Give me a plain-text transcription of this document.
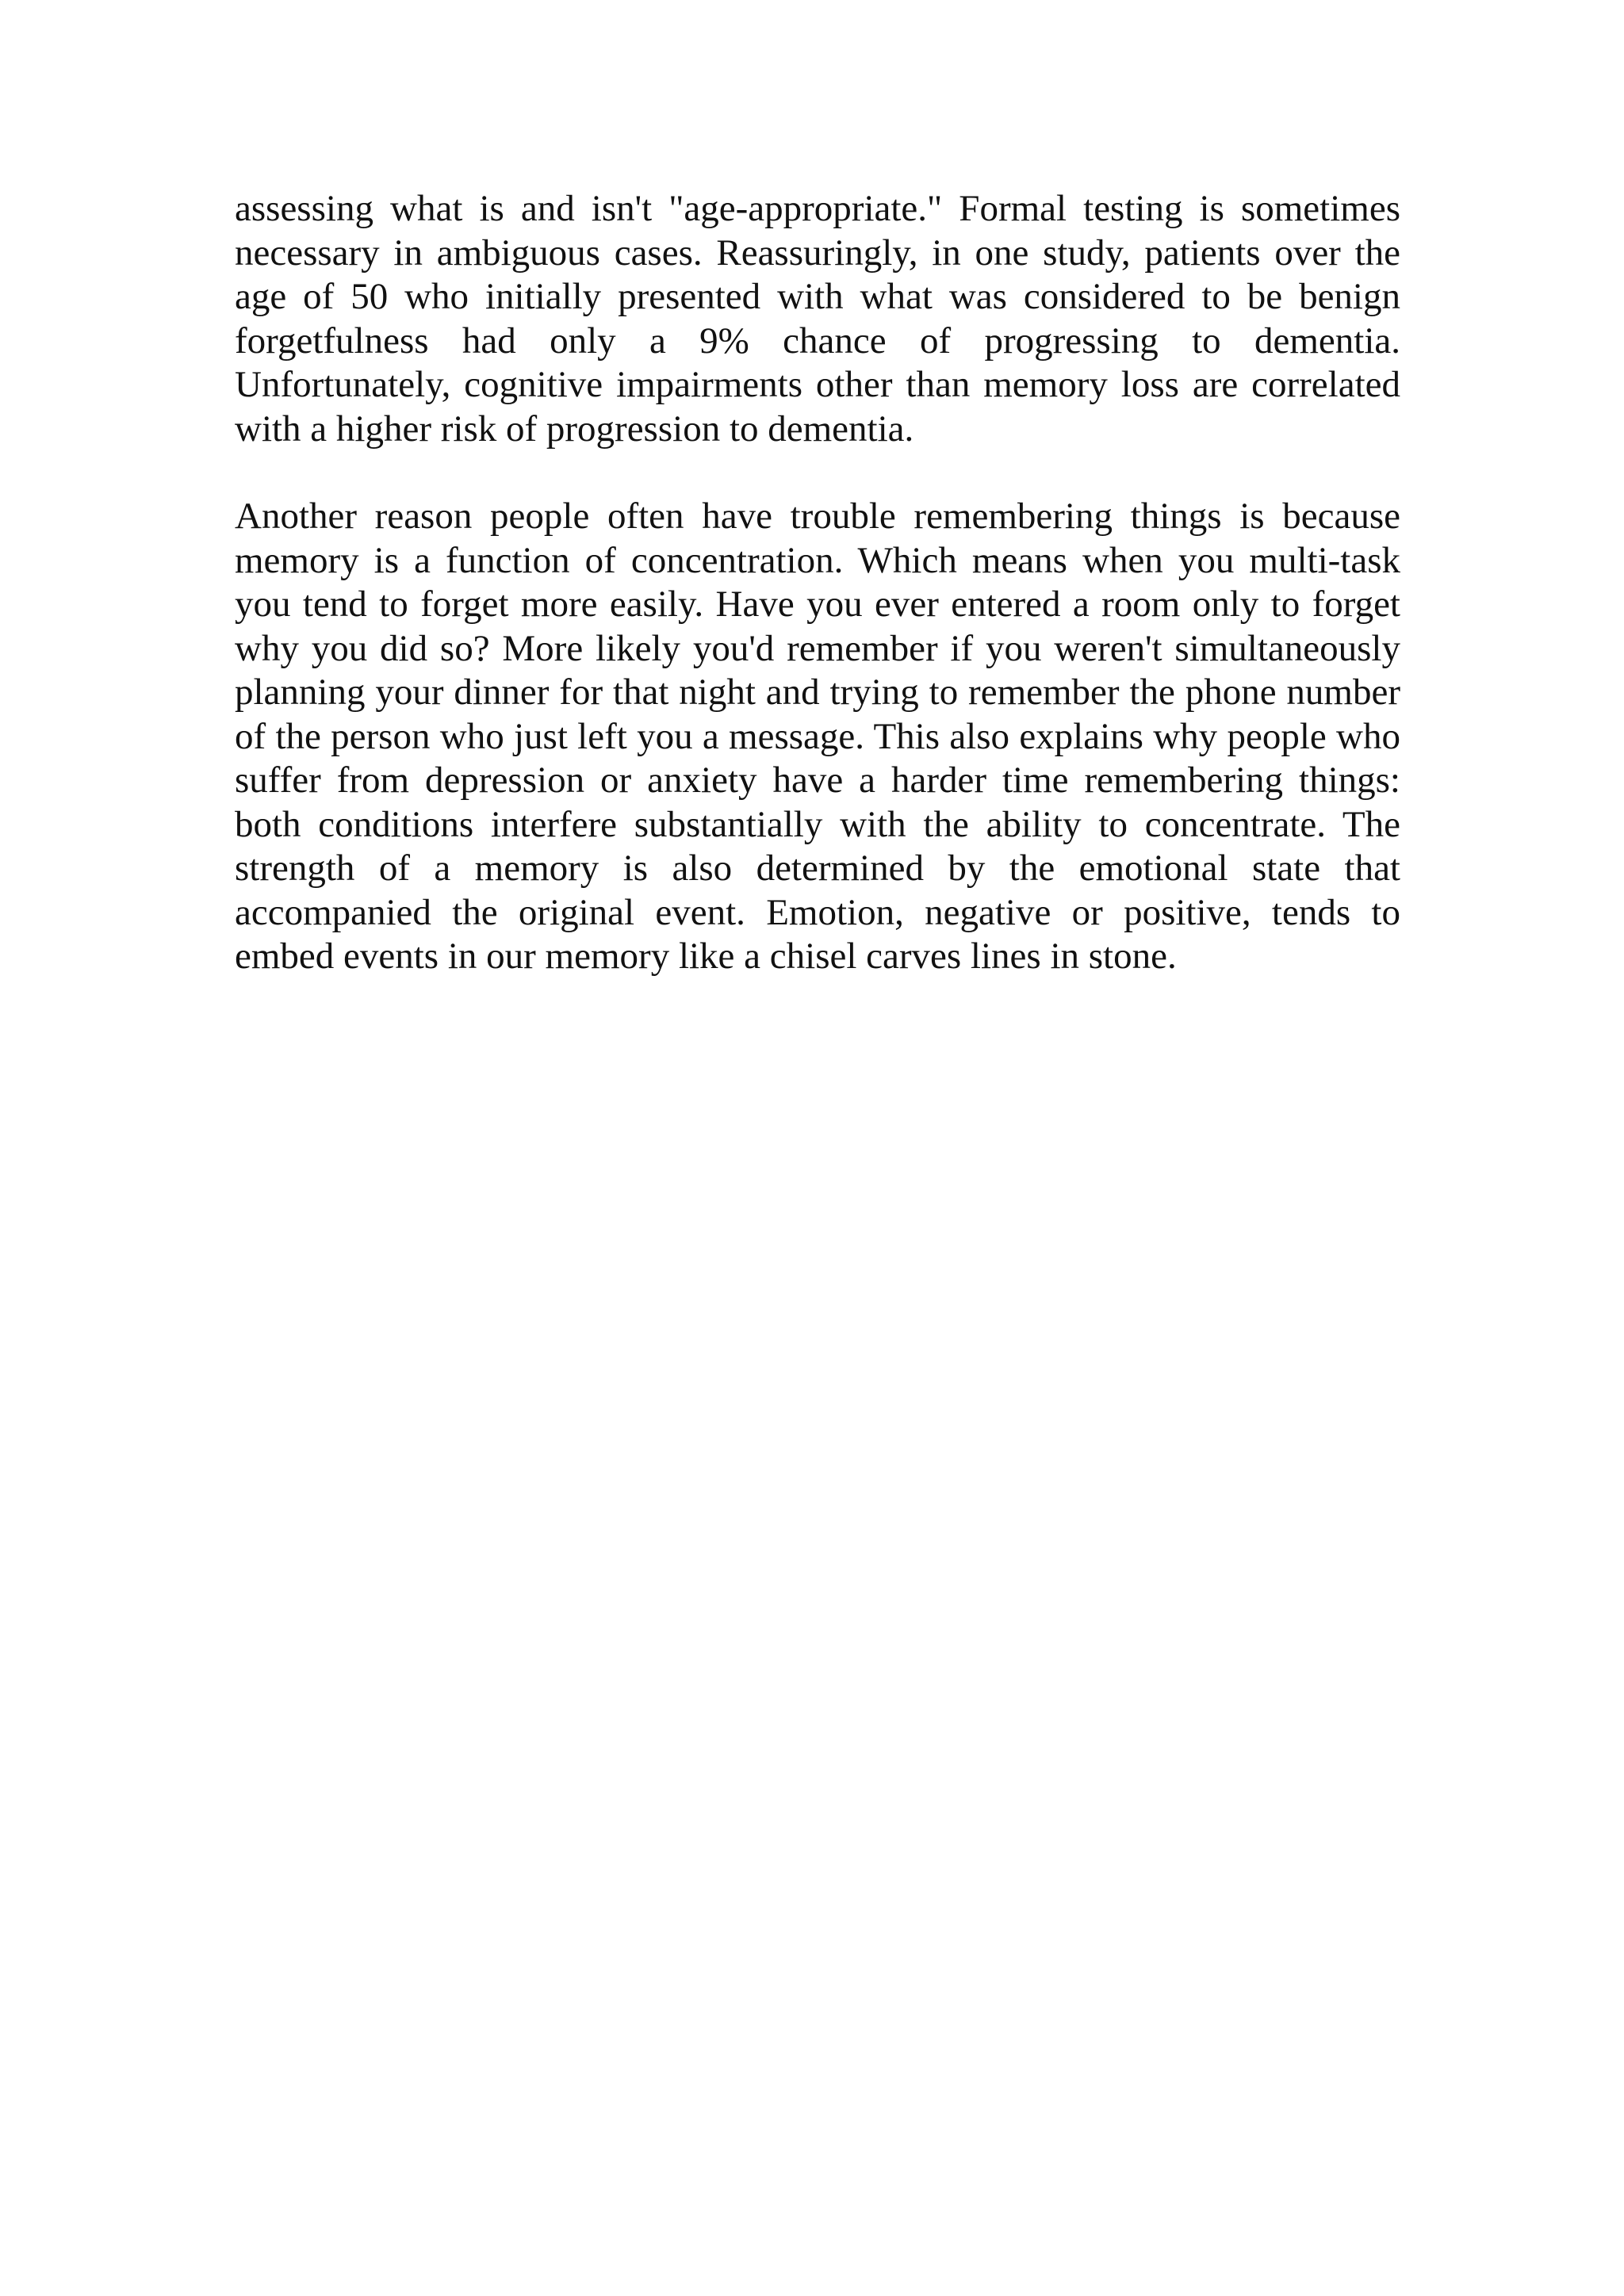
assessing what is and isn't "age-appropriate." Formal testing is sometimes necessary in ambiguous cases. Reassuringly, in one study, patients over the age of 50 who initially presented with what was considered to be benign forgetfulness had only a 9% chance of progressing to dementia. Unfortunately, cognitive impairments other than memory loss are correlated with a higher risk of progression to dementia.

Another reason people often have trouble remembering things is because memory is a function of concentration. Which means when you multi-task you tend to forget more easily. Have you ever entered a room only to forget why you did so? More likely you'd remember if you weren't simultaneously planning your dinner for that night and trying to remember the phone number of the person who just left you a message. This also explains why people who suffer from depression or anxiety have a harder time remembering things: both conditions interfere substantially with the ability to concentrate. The strength of a memory is also determined by the emotional state that accompanied the original event. Emotion, negative or positive, tends to embed events in our memory like a chisel carves lines in stone.
